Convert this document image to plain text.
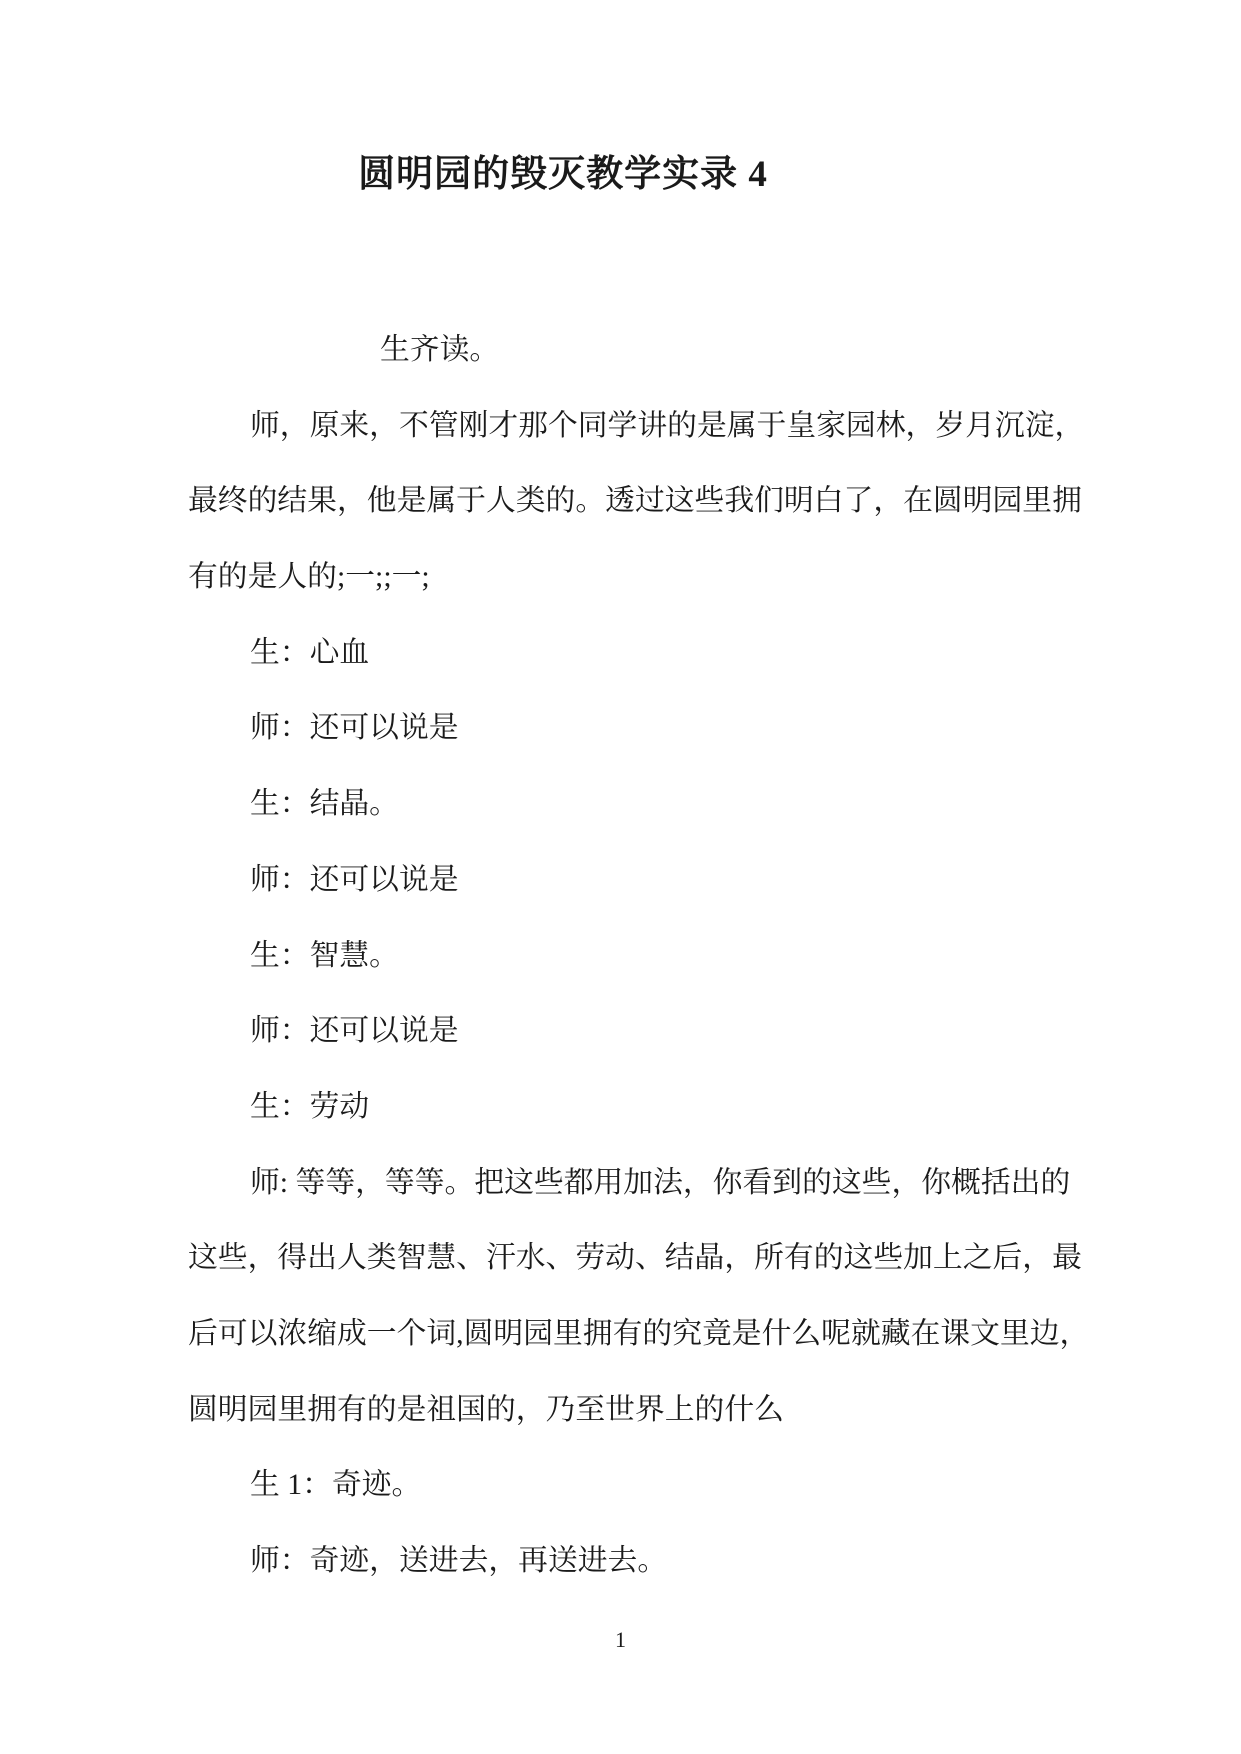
圆明园的毁灭教学实录 4
生齐读。
师，原来，不管刚才那个同学讲的是属于皇家园林，岁月沉淀，
最终的结果，他是属于人类的。透过这些我们明白了，在圆明园里拥
有的是人的;一;;一;
生：心血
师：还可以说是
生：结晶。
师：还可以说是
生：智慧。
师：还可以说是
生：劳动
师: 等等，等等。把这些都用加法，你看到的这些，你概括出的
这些，得出人类智慧、汗水、劳动、结晶，所有的这些加上之后，最
后可以浓缩成一个词,圆明园里拥有的究竟是什么呢就藏在课文里边，
圆明园里拥有的是祖国的，乃至世界上的什么
生 1：奇迹。
师：奇迹，送进去，再送进去。
1
